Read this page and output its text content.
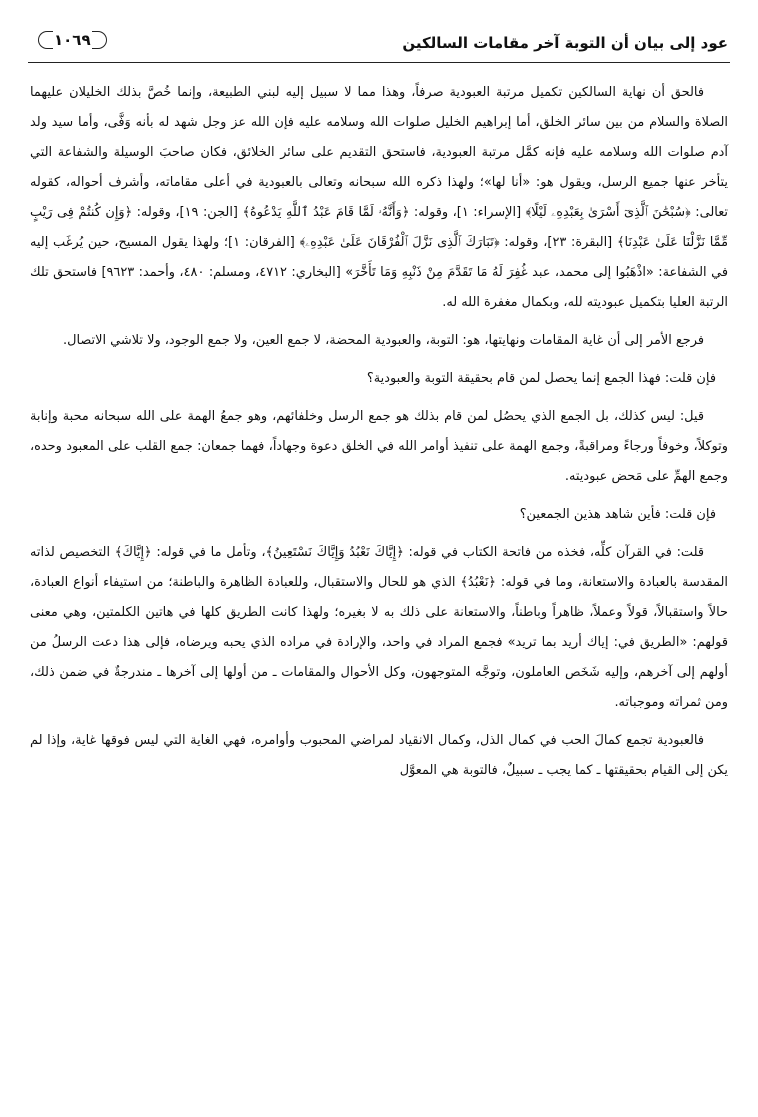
عود إلى بيان أن التوبة آخر مقامات السالكين
١٠٦٩

فالحق أن نهاية السالكين تكميل مرتبة العبودية صرفاً، وهذا مما لا سبيل إليه لبني الطبيعة، وإنما خُصَّ بذلك الخليلان عليهما الصلاة والسلام من بين سائر الخلق، أما إبراهيم الخليل صلوات الله وسلامه عليه فإن الله عز وجل شهد له بأنه وَفَّى، وأما سيد ولد آدم صلوات الله وسلامه عليه فإنه كمَّل مرتبة العبودية، فاستحق التقديم على سائر الخلائق، فكان صاحبَ الوسيلة والشفاعة التي يتأخر عنها جميع الرسل، ويقول هو: «أنا لها»؛ ولهذا ذكره الله سبحانه وتعالى بالعبودية في أعلى مقاماته، وأشرف أحواله، كقوله تعالى: ﴿سُبْحَٰنَ ٱلَّذِىٓ أَسْرَىٰ بِعَبْدِهِۦ لَيْلًا﴾ [الإسراء: ١]، وقوله: ﴿وَأَنَّهُۥ لَمَّا قَامَ عَبْدُ ٱللَّهِ يَدْعُوهُ﴾ [الجن: ١٩]، وقوله: ﴿وَإِن كُنتُمْ فِى رَيْبٍ مِّمَّا نَزَّلْنَا عَلَىٰ عَبْدِنَا﴾ [البقرة: ٢٣]، وقوله: ﴿تَبَارَكَ ٱلَّذِى نَزَّلَ ٱلْفُرْقَانَ عَلَىٰ عَبْدِهِۦ﴾ [الفرقان: ١]؛ ولهذا يقول المسيح، حين يُرغَب إليه في الشفاعة: «اذْهَبُوا إلى محمد، عبد غُفِرَ لَهُ مَا تَقَدَّمَ مِنْ ذَنْبِهِ وَمَا تَأَخَّرَ» [البخاري: ٤٧١٢، ومسلم: ٤٨٠، وأحمد: ٩٦٢٣] فاستحق تلك الرتبة العليا بتكميل عبوديته لله، وبكمال مغفرة الله له.

فرجع الأمر إلى أن غاية المقامات ونهايتها، هو: التوبة، والعبودية المحضة، لا جمع العين، ولا جمع الوجود، ولا تلاشي الاتصال.

فإن قلت: فهذا الجمع إنما يحصل لمن قام بحقيقة التوبة والعبودية؟

قيل: ليس كذلك، بل الجمع الذي يحصُل لمن قام بذلك هو جمع الرسل وخلفائهم، وهو جمعُ الهمة على الله سبحانه محبة وإنابة وتوكلاً، وخوفاً ورجاءً ومراقبةً، وجمع الهمة على تنفيذ أوامر الله في الخلق دعوة وجهاداً، فهما جمعان: جمع القلب على المعبود وحده، وجمع الهمِّ على مَحض عبوديته.

فإن قلت: فأين شاهد هذين الجمعين؟

قلت: في القرآن كلِّه، فخذه من فاتحة الكتاب في قوله: ﴿إِيَّاكَ نَعْبُدُ وَإِيَّاكَ نَسْتَعِينُ﴾، وتأمل ما في قوله: ﴿إِيَّاكَ﴾ التخصيص لذاته المقدسة بالعبادة والاستعانة، وما في قوله: ﴿نَعْبُدُ﴾ الذي هو للحال والاستقبال، وللعبادة الظاهرة والباطنة؛ من استيفاء أنواع العبادة، حالاً واستقبالاً، قولاً وعملاً، ظاهراً وباطناً، والاستعانة على ذلك به لا بغيره؛ ولهذا كانت الطريق كلها في هاتين الكلمتين، وهي معنى قولهم: «الطريق في: إياك أريد بما تريد» فجمع المراد في واحد، والإرادة في مراده الذي يحبه ويرضاه، فإلى هذا دعت الرسلُ من أولهم إلى آخرهم، وإليه شَخَص العاملون، وتوجَّه المتوجهون، وكل الأحوال والمقامات ـ من أولها إلى آخرها ـ مندرجةٌ في ضمن ذلك، ومن ثمراته وموجباته.

فالعبودية تجمع كمالَ الحب في كمال الذل، وكمال الانقياد لمراضي المحبوب وأوامره، فهي الغاية التي ليس فوقها غاية، وإذا لم يكن إلى القيام بحقيقتها ـ كما يجب ـ سبيلٌ، فالتوبة هي المعوَّل
